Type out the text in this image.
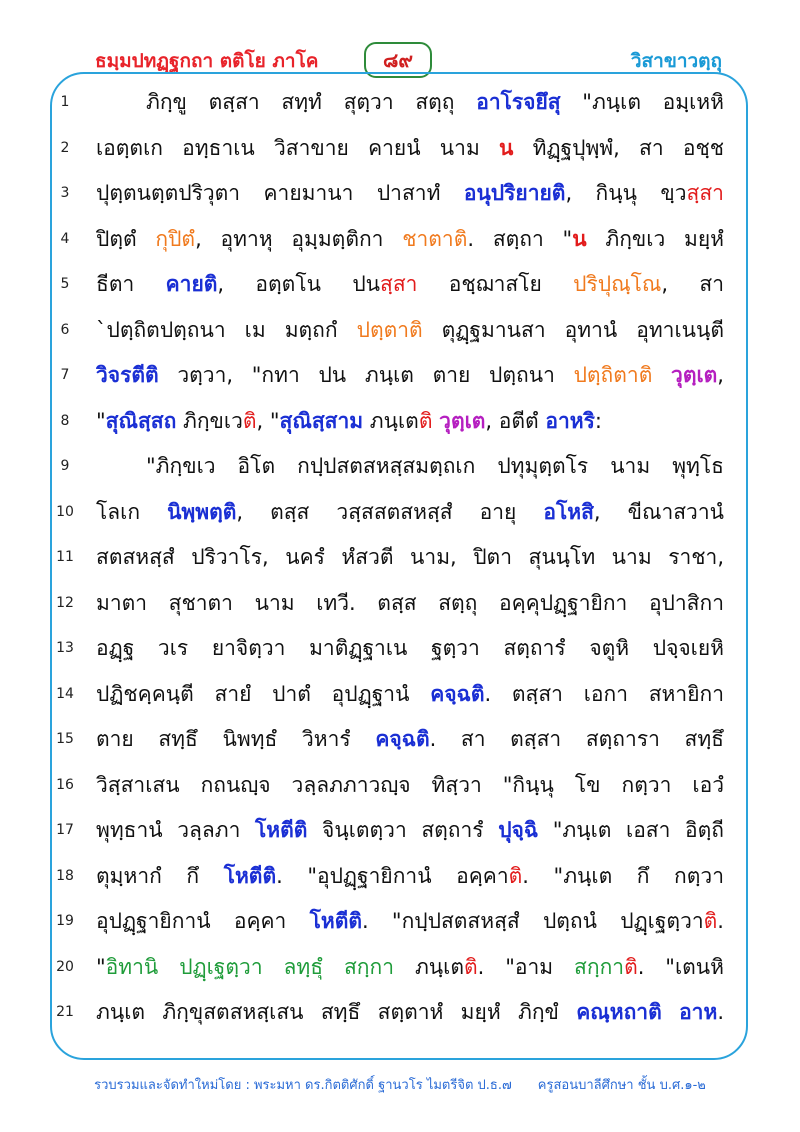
ธมฺมปทฏฺฐกถา ตติโย ภาโค	๘๙	วิสาขาวตฺถุ
1	ภิกฺขู ตสฺสา สทฺทํ สุตฺวา สตฺถุ อาโรจยึสุ "ภนฺเต อมฺเหหิ
2	เอตฺตเก อทฺธาเน วิสาขาย คายนํ นาม น ทิฏฺฐปุพฺพํ, สา อชฺช
3	ปุตฺตนตฺตปริวุตา คายมานา ปาสาทํ อนุปริยายติ, กินฺนุ ขฺวสฺสา
4	ปิตฺตํ กุปิตํ, อุทาหุ อุมฺมตฺติกา ชาตาติ. สตฺถา "น ภิกฺขเว มยฺหํ
5	ธีตา คายติ, อตฺตโน ปนสฺสา อชฺฌาสโย ปริปุณฺโณ, สา
6	`ปตฺถิตปตฺถนา เม มตฺถกํ ปตฺตาติ ตุฏฺฐมานสา อุทานํ อุทาเนนฺตี
7	วิจรตีติ วตฺวา, "กทา ปน ภนฺเต ตาย ปตฺถนา ปตฺถิตาติ วุตฺเต,
8	"สุณิสฺสถ ภิกฺขเวติ, "สุณิสฺสาม ภนฺเตติ วุตฺเต, อตีตํ อาหริ:
9	"ภิกฺขเว อิโต กปฺปสตสหสฺสมตฺถเก ปทุมุตฺตโร นาม พุทฺโธ
10 โลเก นิพฺพตฺติ, ตสฺส วสฺสสตสหสฺสํ อายุ อโหสิ, ขีณาสวานํ
11 สตสหสฺสํ ปริวาโร, นครํ หํสวตี นาม, ปิตา สุนนฺโท นาม ราชา,
12 มาตา สุชาตา นาม เทวี. ตสฺส สตฺถุ อคฺคุปฏฺฐายิกา อุปาสิกา
13 อฏฺฐ วเร ยาจิตฺวา มาติฏฺฐาเน ฐตฺวา สตฺถารํ จตูหิ ปจฺจเยหิ
14 ปฏิชคฺคนฺตี สายํ ปาตํ อุปฏฺฐานํ คจฺฉติ. ตสฺสา เอกา สหายิกา
15 ตาย สทฺธึ นิพทฺธํ วิหารํ คจฺฉติ. สา ตสฺสา สตฺถารา สทฺธึ
16 วิสฺสาเสน กถนญฺจ วลฺลภภาวญฺจ ทิสฺวา "กินฺนุ โข กตฺวา เอวํ
17 พุทฺธานํ วลฺลภา โหตีติ จินฺเตตฺวา สตฺถารํ ปุจฺฉิ "ภนฺเต เอสา อิตฺถี
18 ตุมฺหากํ กึ โหตีติ. "อุปฏฺฐายิกานํ อคฺคาติ. "ภนฺเต กึ กตฺวา
19 อุปฏฺฐายิกานํ อคฺคา โหตีติ. "กปฺปสตสหสฺสํ ปตฺถนํ ปฏฺเฐตฺวาติ.
20 "อิทานิ ปฏฺเฐตฺวา ลทฺธุํ สกฺกา ภนฺเตติ. "อาม สกฺกาติ. "เตนหิ
21 ภนฺเต ภิกฺขุสตสหสฺเสน สทฺธึ สตฺตาหํ มยฺหํ ภิกฺขํ คณฺหถาติ อาห.
รวบรวมและจัดทำใหม่โดย : พระมหา ดร.กิตติศักดิ์ ฐานวโร ไมตรีจิต ป.ธ.๗ ครูสอนบาลีศึกษา ชั้น บ.ศ.๑-๒
